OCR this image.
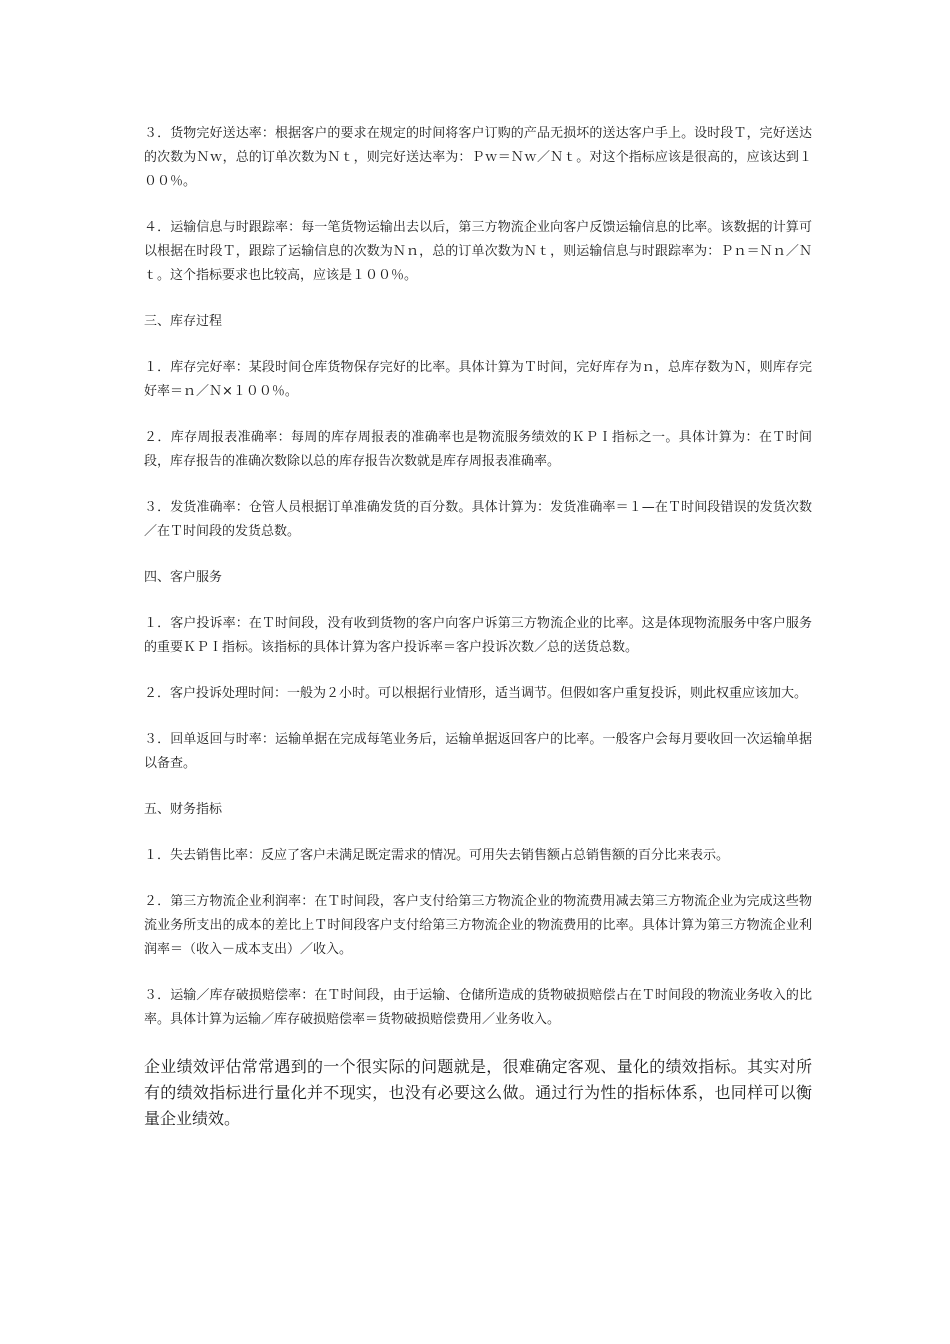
３．货物完好送达率：根据客户的要求在规定的时间将客户订购的产品无损坏的送达客户手上。设时段Ｔ，完好送达的次数为Ｎｗ，总的订单次数为Ｎｔ，则完好送达率为：Ｐｗ＝Ｎｗ／Ｎｔ。对这个指标应该是很高的，应该达到１００％。

４．运输信息与时跟踪率：每一笔货物运输出去以后，第三方物流企业向客户反馈运输信息的比率。该数据的计算可以根据在时段Ｔ，跟踪了运输信息的次数为Ｎｎ，总的订单次数为Ｎｔ，则运输信息与时跟踪率为：Ｐｎ＝Ｎｎ／Ｎｔ。这个指标要求也比较高，应该是１００％。

三、库存过程

１．库存完好率：某段时间仓库货物保存完好的比率。具体计算为Ｔ时间，完好库存为ｎ，总库存数为Ｎ，则库存完好率＝ｎ／Ｎ×１００％。

２．库存周报表准确率：每周的库存周报表的准确率也是物流服务绩效的ＫＰＩ指标之一。具体计算为：在Ｔ时间段，库存报告的准确次数除以总的库存报告次数就是库存周报表准确率。

３．发货准确率：仓管人员根据订单准确发货的百分数。具体计算为：发货准确率＝１—在Ｔ时间段错误的发货次数／在Ｔ时间段的发货总数。

四、客户服务

１．客户投诉率：在Ｔ时间段，没有收到货物的客户向客户诉第三方物流企业的比率。这是体现物流服务中客户服务的重要ＫＰＩ指标。该指标的具体计算为客户投诉率＝客户投诉次数／总的送货总数。

２．客户投诉处理时间：一般为２小时。可以根据行业情形，适当调节。但假如客户重复投诉，则此权重应该加大。

３．回单返回与时率：运输单据在完成每笔业务后，运输单据返回客户的比率。一般客户会每月要收回一次运输单据以备查。

五、财务指标

１．失去销售比率：反应了客户未满足既定需求的情况。可用失去销售额占总销售额的百分比来表示。

２．第三方物流企业利润率：在Ｔ时间段，客户支付给第三方物流企业的物流费用减去第三方物流企业为完成这些物流业务所支出的成本的差比上Ｔ时间段客户支付给第三方物流企业的物流费用的比率。具体计算为第三方物流企业利润率＝（收入－成本支出）／收入。

３．运输／库存破损赔偿率：在Ｔ时间段，由于运输、仓储所造成的货物破损赔偿占在Ｔ时间段的物流业务收入的比率。具体计算为运输／库存破损赔偿率＝货物破损赔偿费用／业务收入。

企业绩效评估常常遇到的一个很实际的问题就是，很难确定客观、量化的绩效指标。其实对所有的绩效指标进行量化并不现实，也没有必要这么做。通过行为性的指标体系，也同样可以衡量企业绩效。
